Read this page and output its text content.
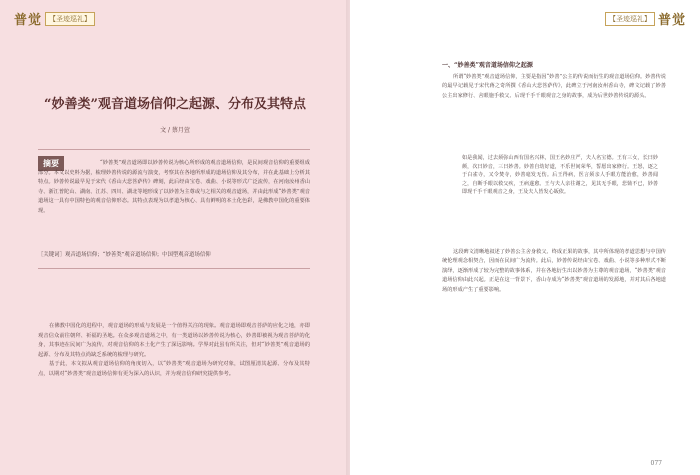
普觉	【圣迹巡礼】
“妙善类”观音道场信仰之起源、分布及其特点
文 / 蔡月萱
摘要	“妙善类”观音道场即以妙善传说为核心所形成的观音道场信仰，是民间观音信仰的重要组成部分。本文以史料为据，梳理妙善传说的源流与演变，考察其在各地所形成的道场信仰及其分布，并在此基础上分析其特点。妙善传说最早见于宋代《香山大悲菩萨传》碑刻，此后经由宝卷、戏曲、小说等形式广泛流传，在河南汝州香山寺、浙江普陀山、湖南、江苏、四川、湖北等地形成了以妙善为主尊或与之相关的观音道场，并由此形成“妙善类”观音道场这一具有中国特色的观音信仰形态。其特点表现为以孝道为核心、具有鲜明的本土化色彩，是佛教中国化的重要体现。
［关键词］观音道场信仰；“妙善类”观音道场信仰；中国型观音道场信仰

在佛教中国化的进程中，观音道场的形成与发展是一个值得关注的现象。观音道场即观音菩萨的应化之地，亦即观音信众前往朝拜、祈福的圣地。在众多观音道场之中，有一类道场以妙善传说为核心，妙善即被视为观音菩萨的化身，其事迹在民间广为流传，对观音信仰的本土化产生了深远影响。学界对此虽有所关注，但对“妙善类”观音道场的起源、分布及其特点尚缺乏系统的梳理与研究。

基于此，本文拟从观音道场信仰的角度切入，以“妙善类”观音道场为研究对象，试图厘清其起源、分布及其特点，以期对“妙善类”观音道场信仰有更为深入的认识，并为观音信仰研究提供参考。

【圣迹巡礼】 普觉
一、“妙善类”观音道场信仰之起源

所谓“妙善类”观音道场信仰，主要是指因“妙善”公主的传说而衍生的观音道场信仰。妙善传说的最早记载见于宋代蒋之奇所撰《香山大悲菩萨传》，此碑立于河南汝州香山寺，碑文记载了妙善公主出家修行、舍眼施手救父、后现千手千眼观音之身的故事，成为后世妙善传说的源头。

如是我闻，过去须弥山西有国名兴林，国王名妙庄严，夫人名宝德。王有三女，长曰妙颜，次曰妙音，三曰妙善。妙善自幼好道，不乐世间荣华，誓愿出家修行。王怒，逐之于白雀寺，又令焚寺，妙善毫发无伤。后王得病，医言须亲人手眼方能治愈，妙善闻之，自断手眼以救父疾，王病遂愈。王与夫人亲往谢之，见其无手眼，悲恸不已，妙善即现千手千眼观音之身，王及夫人皆发心皈依。

这段碑文清晰地叙述了妙善公主舍身救父、终成正果的故事，其中所体现的孝道思想与中国传统伦理观念相契合，因而在民间广为流传。此后，妙善传说经由宝卷、戏曲、小说等多种形式不断演绎，逐渐形成了较为完整的故事体系，并在各地衍生出以妙善为主尊的观音道场，“妙善类”观音道场信仰由此兴起。正是在这一背景下，香山寺成为“妙善类”观音道场的发源地，并对其后各地道场的形成产生了重要影响。

077
